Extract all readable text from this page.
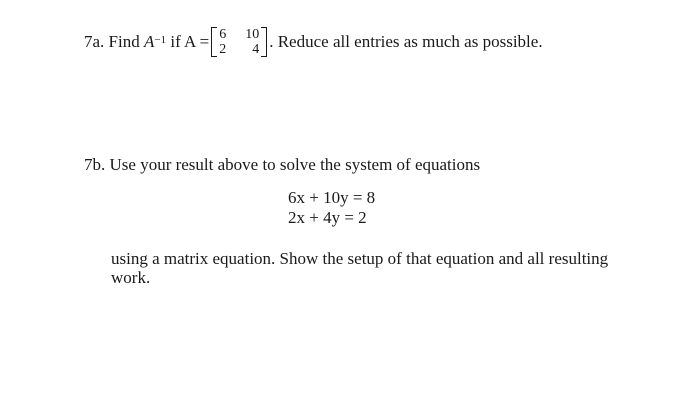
7a.
Find
A −1
if A = 6	10
2	4 . Reduce all entries as much as possible.
7b. Use your result above to solve the system of equations
6x + 10y = 8
2x + 4y = 2
using a matrix equation. Show the setup of that equation and all resulting
work.
